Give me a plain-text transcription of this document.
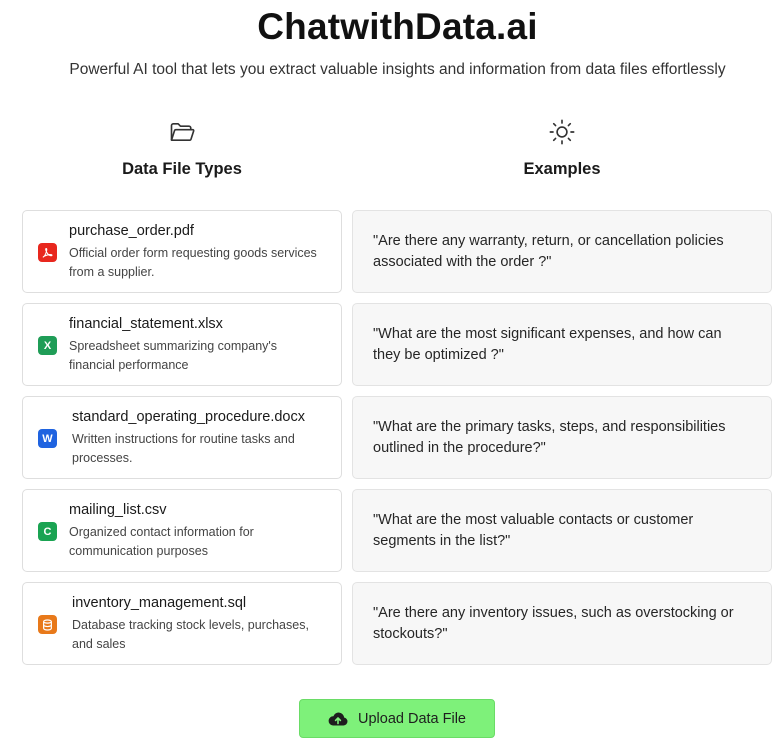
ChatwithData.ai
Powerful AI tool that lets you extract valuable insights and information from data files effortlessly
Data File Types	Examples
purchase_order.pdf
Official order form requesting goods services from a supplier.
"Are there any warranty, return, or cancellation policies associated with the order ?"
X
financial_statement.xlsx
Spreadsheet summarizing company's financial performance
"What are the most significant expenses, and how can they be optimized ?"
W
standard_operating_procedure.docx
Written instructions for routine tasks and processes.
"What are the primary tasks, steps, and responsibilities outlined in the procedure?"
C
mailing_list.csv
Organized contact information for communication purposes
"What are the most valuable contacts or customer segments in the list?"
inventory_management.sql
Database tracking stock levels, purchases, and sales
"Are there any inventory issues, such as overstocking or stockouts?"
Upload Data File
